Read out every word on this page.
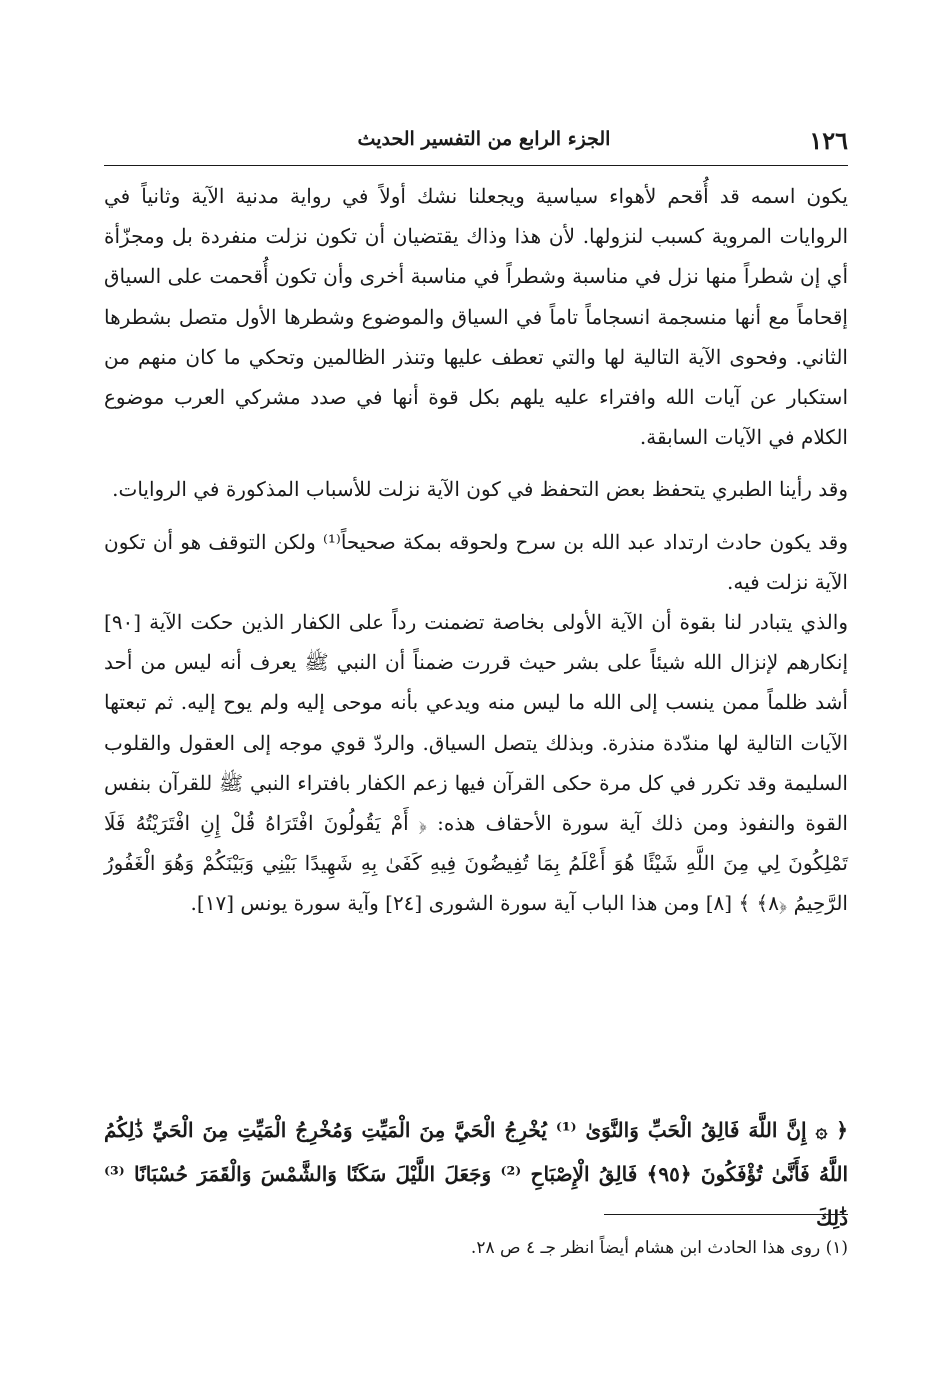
١٢٦
الجزء الرابع من التفسير الحديث

يكون اسمه قد أُقحم لأهواء سياسية ويجعلنا نشك أولاً في رواية مدنية الآية وثانياً في الروايات المروية كسبب لنزولها. لأن هذا وذاك يقتضيان أن تكون نزلت منفردة بل ومجزّأة أي إن شطراً منها نزل في مناسبة وشطراً في مناسبة أخرى وأن تكون أُقحمت على السياق إقحاماً مع أنها منسجمة انسجاماً تاماً في السياق والموضوع وشطرها الأول متصل بشطرها الثاني. وفحوى الآية التالية لها والتي تعطف عليها وتنذر الظالمين وتحكي ما كان منهم من استكبار عن آيات الله وافتراء عليه يلهم بكل قوة أنها في صدد مشركي العرب موضوع الكلام في الآيات السابقة.

وقد رأينا الطبري يتحفظ بعض التحفظ في كون الآية نزلت للأسباب المذكورة في الروايات.

وقد يكون حادث ارتداد عبد الله بن سرح ولحوقه بمكة صحيحاً⁽¹⁾ ولكن التوقف هو أن تكون الآية نزلت فيه.

والذي يتبادر لنا بقوة أن الآية الأولى بخاصة تضمنت رداً على الكفار الذين حكت الآية [٩٠] إنكارهم لإنزال الله شيئاً على بشر حيث قررت ضمناً أن النبي ﷺ يعرف أنه ليس من أحد أشد ظلماً ممن ينسب إلى الله ما ليس منه ويدعي بأنه موحى إليه ولم يوح إليه. ثم تبعتها الآيات التالية لها مندّدة منذرة. وبذلك يتصل السياق. والردّ قوي موجه إلى العقول والقلوب السليمة وقد تكرر في كل مرة حكى القرآن فيها زعم الكفار بافتراء النبي ﷺ للقرآن بنفس القوة والنفوذ ومن ذلك آية سورة الأحقاف هذه: ﴿ أَمْ يَقُولُونَ افْتَرَاهُ قُلْ إِنِ افْتَرَيْتُهُ فَلَا تَمْلِكُونَ لِي مِنَ اللَّهِ شَيْئًا هُوَ أَعْلَمُ بِمَا تُفِيضُونَ فِيهِ كَفَىٰ بِهِ شَهِيدًا بَيْنِي وَبَيْنَكُمْ وَهُوَ الْغَفُورُ الرَّحِيمُ ﴿٨﴾ ﴾ [٨] ومن هذا الباب آية سورة الشورى [٢٤] وآية سورة يونس [١٧].

﴿ ۞ إِنَّ اللَّهَ فَالِقُ الْحَبِّ وَالنَّوَىٰ ⁽¹⁾ يُخْرِجُ الْحَيَّ مِنَ الْمَيِّتِ وَمُخْرِجُ الْمَيِّتِ مِنَ الْحَيِّ ذَٰلِكُمُ اللَّهُ فَأَنَّىٰ تُؤْفَكُونَ ﴿٩٥﴾ فَالِقُ الْإِصْبَاحِ ⁽²⁾ وَجَعَلَ اللَّيْلَ سَكَنًا وَالشَّمْسَ وَالْقَمَرَ حُسْبَانًا ⁽³⁾ ذَٰلِكَ

(١) روى هذا الحادث ابن هشام أيضاً انظر جـ ٤ ص ٢٨.
